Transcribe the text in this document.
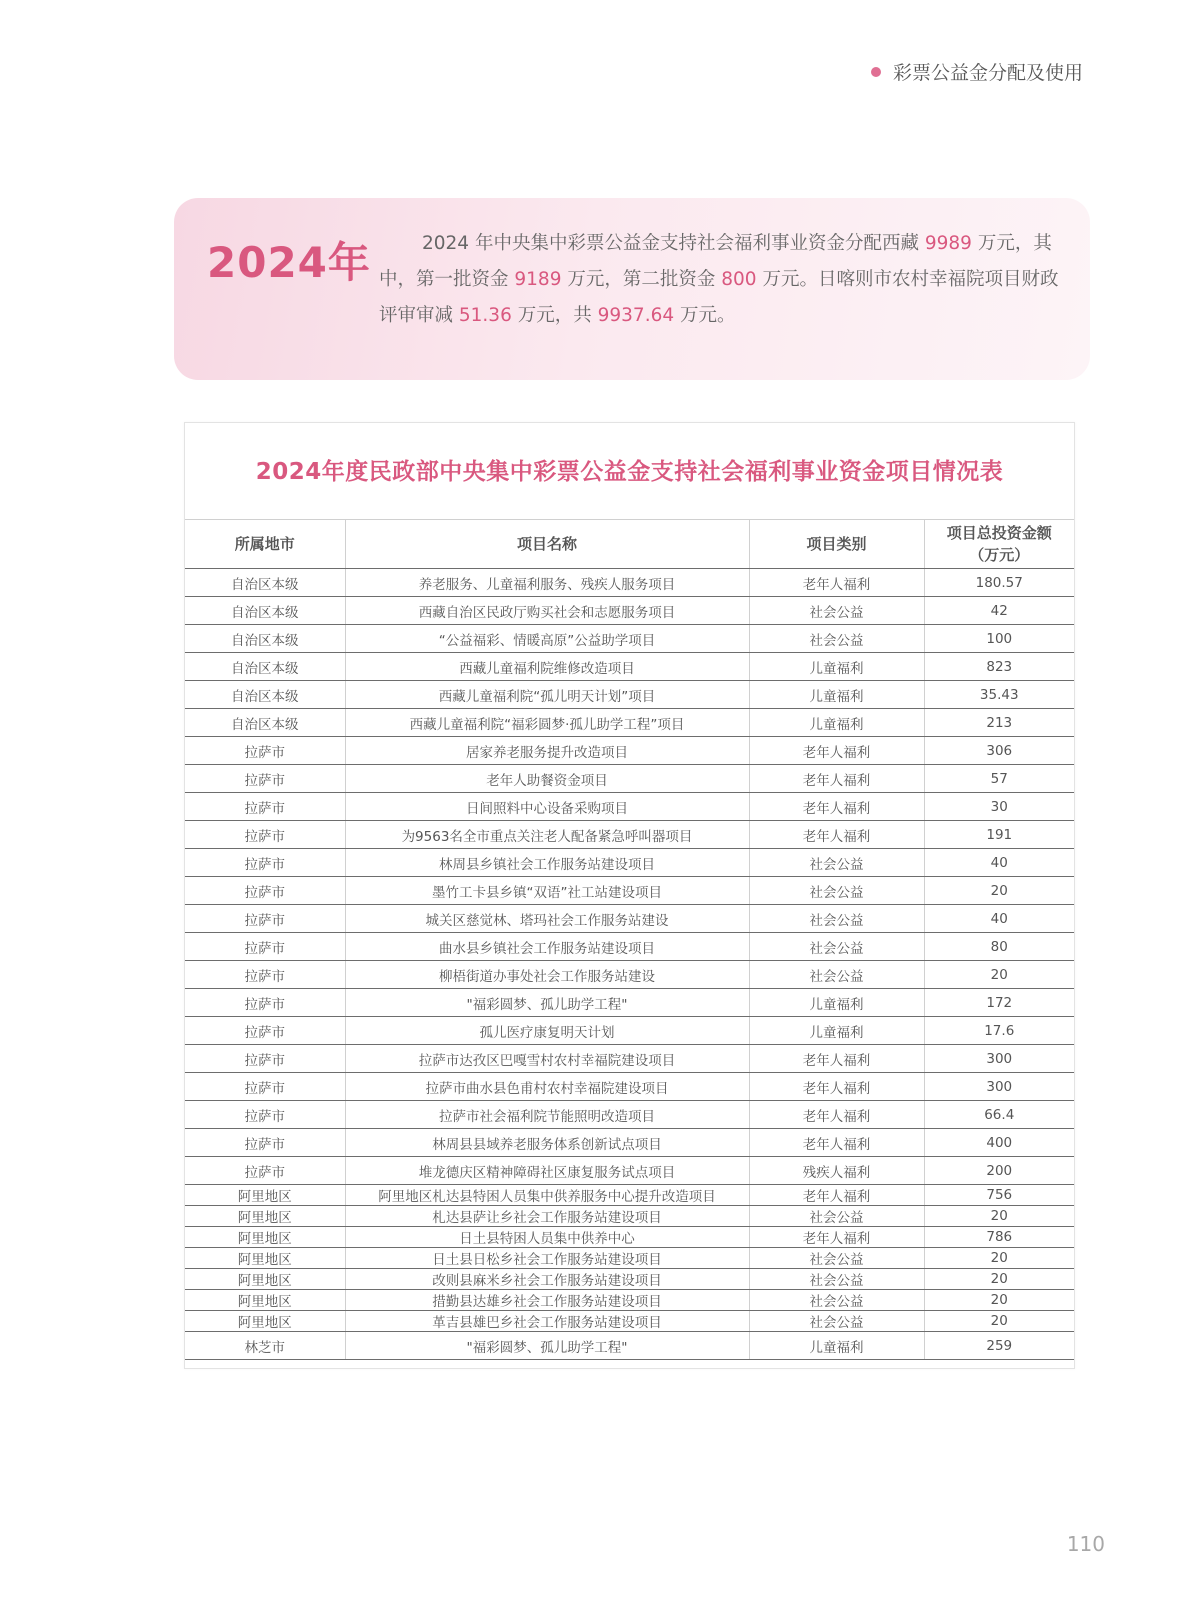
彩票公益金分配及使用
2024年	2024 年中央集中彩票公益金支持社会福利事业资金分配西藏 9989 万元，其中，第一批资金 9189 万元，第二批资金 800 万元。日喀则市农村幸福院项目财政评审审减 51.36 万元，共 9937.64 万元。
2024年度民政部中央集中彩票公益金支持社会福利事业资金项目情况表
所属地市	项目名称	项目类别	项目总投资金额
（万元）
自治区本级	养老服务、儿童福利服务、残疾人服务项目	老年人福利	180.57
自治区本级	西藏自治区民政厅购买社会和志愿服务项目	社会公益	42
自治区本级	“公益福彩、情暖高原”公益助学项目	社会公益	100
自治区本级	西藏儿童福利院维修改造项目	儿童福利	823
自治区本级	西藏儿童福利院“孤儿明天计划”项目	儿童福利	35.43
自治区本级	西藏儿童福利院“福彩圆梦·孤儿助学工程”项目	儿童福利	213
拉萨市	居家养老服务提升改造项目	老年人福利	306
拉萨市	老年人助餐资金项目	老年人福利	57
拉萨市	日间照料中心设备采购项目	老年人福利	30
拉萨市	为9563名全市重点关注老人配备紧急呼叫器项目	老年人福利	191
拉萨市	林周县乡镇社会工作服务站建设项目	社会公益	40
拉萨市	墨竹工卡县乡镇“双语”社工站建设项目	社会公益	20
拉萨市	城关区慈觉林、塔玛社会工作服务站建设	社会公益	40
拉萨市	曲水县乡镇社会工作服务站建设项目	社会公益	80
拉萨市	柳梧街道办事处社会工作服务站建设	社会公益	20
拉萨市	"福彩圆梦、孤儿助学工程"	儿童福利	172
拉萨市	孤儿医疗康复明天计划	儿童福利	17.6
拉萨市	拉萨市达孜区巴嘎雪村农村幸福院建设项目	老年人福利	300
拉萨市	拉萨市曲水县色甫村农村幸福院建设项目	老年人福利	300
拉萨市	拉萨市社会福利院节能照明改造项目	老年人福利	66.4
拉萨市	林周县县域养老服务体系创新试点项目	老年人福利	400
拉萨市	堆龙德庆区精神障碍社区康复服务试点项目	残疾人福利	200
阿里地区	阿里地区札达县特困人员集中供养服务中心提升改造项目	老年人福利	756
阿里地区	札达县萨让乡社会工作服务站建设项目	社会公益	20
阿里地区	日土县特困人员集中供养中心	老年人福利	786
阿里地区	日土县日松乡社会工作服务站建设项目	社会公益	20
阿里地区	改则县麻米乡社会工作服务站建设项目	社会公益	20
阿里地区	措勤县达雄乡社会工作服务站建设项目	社会公益	20
阿里地区	革吉县雄巴乡社会工作服务站建设项目	社会公益	20
林芝市	"福彩圆梦、孤儿助学工程"	儿童福利	259
110
